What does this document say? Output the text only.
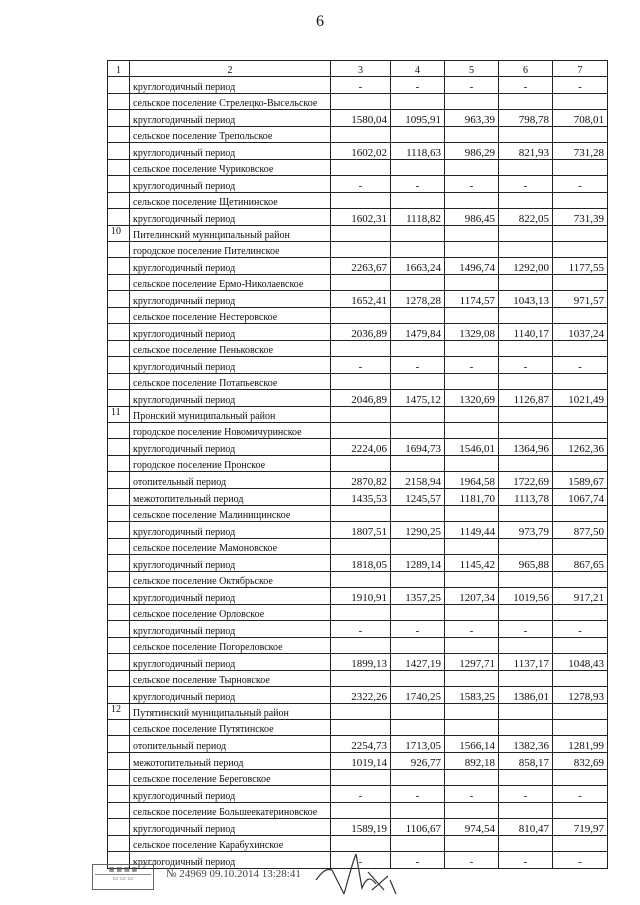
6
1	2	3	4	5	6	7
	круглогодичный период	-	-	-	-	-
	сельское поселение Стрелецко-Высельское					
	круглогодичный период	1580,04	1095,91	963,39	798,78	708,01
	сельское поселение Трепольское					
	круглогодичный период	1602,02	1118,63	986,29	821,93	731,28
	сельское поселение Чуриковское					
	круглогодичный период	-	-	-	-	-
	сельское поселение Щетининское					
	круглогодичный период	1602,31	1118,82	986,45	822,05	731,39
10	Пителинский муниципальный район					
	городское поселение Пителинское					
	круглогодичный период	2263,67	1663,24	1496,74	1292,00	1177,55
	сельское поселение Ермо-Николаевское					
	круглогодичный период	1652,41	1278,28	1174,57	1043,13	971,57
	сельское поселение Нестеровское					
	круглогодичный период	2036,89	1479,84	1329,08	1140,17	1037,24
	сельское поселение Пеньковское					
	круглогодичный период	-	-	-	-	-
	сельское поселение Потапьевское					
	круглогодичный период	2046,89	1475,12	1320,69	1126,87	1021,49
11	Пронский муниципальный район					
	городское поселение Новомичуринское					
	круглогодичный период	2224,06	1694,73	1546,01	1364,96	1262,36
	городское поселение Пронское					
	отопительный период	2870,82	2158,94	1964,58	1722,69	1589,67
	межотопительный период	1435,53	1245,57	1181,70	1113,78	1067,74
	сельское поселение Малинищинское					
	круглогодичный период	1807,51	1290,25	1149,44	973,79	877,50
	сельское поселение Мамоновское					
	круглогодичный период	1818,05	1289,14	1145,42	965,88	867,65
	сельское поселение Октябрьское					
	круглогодичный период	1910,91	1357,25	1207,34	1019,56	917,21
	сельское поселение Орловское					
	круглогодичный период	-	-	-	-	-
	сельское поселение Погореловское					
	круглогодичный период	1899,13	1427,19	1297,71	1137,17	1048,43
	сельское поселение Тырновское					
	круглогодичный период	2322,26	1740,25	1583,25	1386,01	1278,93
12	Путятинский муниципальный район					
	сельское поселение Путятинское					
	отопительный период	2254,73	1713,05	1566,14	1382,36	1281,99
	межотопительный период	1019,14	926,77	892,18	858,17	832,69
	сельское поселение Береговское					
	круглогодичный период	-	-	-	-	-
	сельское поселение Большеекатериновское					
	круглогодичный период	1589,19	1106,67	974,54	810,47	719,97
	сельское поселение Карабухинское					
	круглогодичный период	-	-	-	-	-
▦ ▦ ▦ ▦
▭ ▭ ▭	№ 24969 09.10.2014 13:28:41
